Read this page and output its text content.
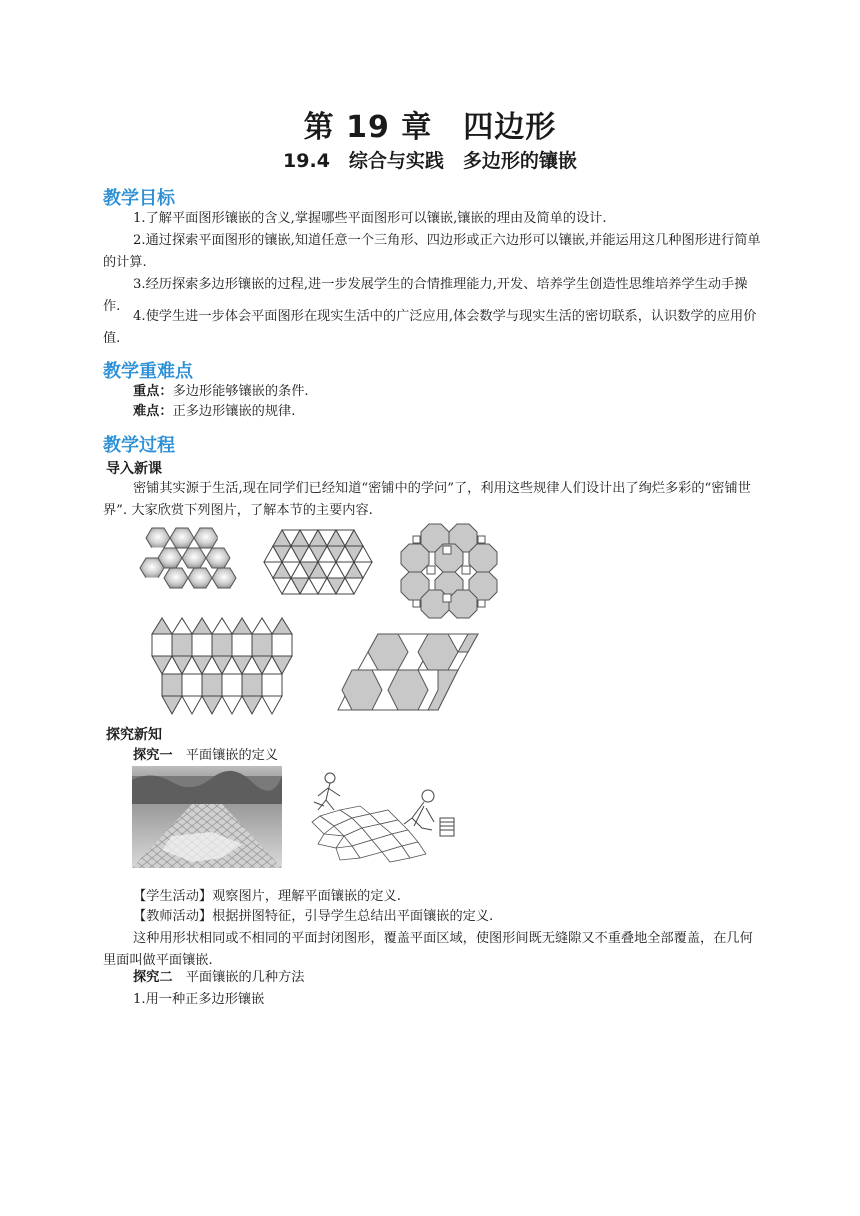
第 19 章　四边形
19.4　综合与实践　多边形的镶嵌
教学目标
1.了解平面图形镶嵌的含义,掌握哪些平面图形可以镶嵌,镶嵌的理由及简单的设计.
2.通过探索平面图形的镶嵌,知道任意一个三角形、四边形或正六边形可以镶嵌,并能运用这几种图形进行简单的计算.
3.经历探索多边形镶嵌的过程,进一步发展学生的合情推理能力,开发、培养学生创造性思维培养学生动手操作.
4.使学生进一步体会平面图形在现实生活中的广泛应用,体会数学与现实生活的密切联系，认识数学的应用价值.
教学重难点
重点：多边形能够镶嵌的条件.
难点：正多边形镶嵌的规律.
教学过程
导入新课
密铺其实源于生活,现在同学们已经知道“密铺中的学问”了，利用这些规律人们设计出了绚烂多彩的“密铺世界”. 大家欣赏下列图片，了解本节的主要内容.
探究新知
探究一　平面镶嵌的定义
【学生活动】观察图片，理解平面镶嵌的定义.
【教师活动】根据拼图特征，引导学生总结出平面镶嵌的定义.
这种用形状相同或不相同的平面封闭图形，覆盖平面区域，使图形间既无缝隙又不重叠地全部覆盖，在几何里面叫做平面镶嵌.
探究二　平面镶嵌的几种方法
1.用一种正多边形镶嵌
